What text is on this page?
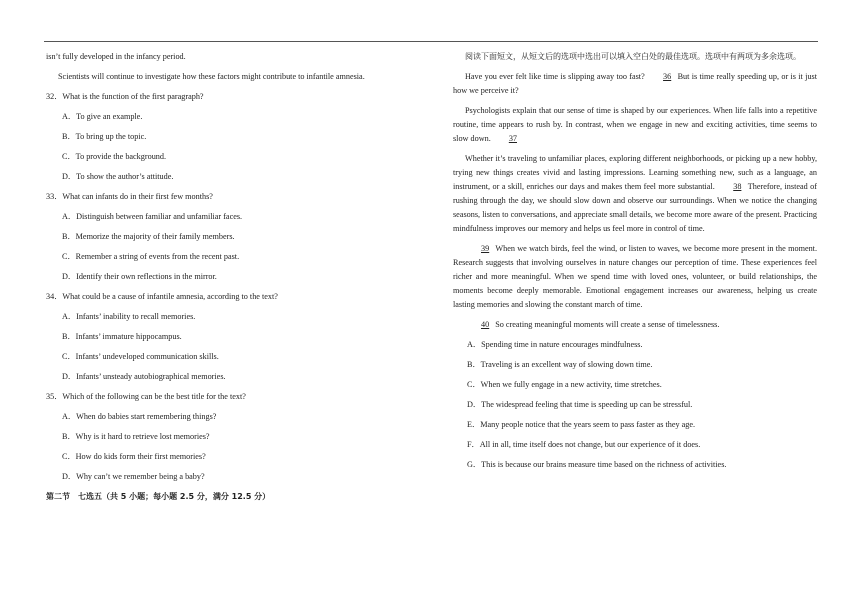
isn’t fully developed in the infancy period.

Scientists will continue to investigate how these factors might contribute to infantile amnesia.

32．What is the function of the first paragraph?

A．To give an example.

B．To bring up the topic.

C．To provide the background.

D．To show the author’s attitude.

33．What can infants do in their first few months?

A．Distinguish between familiar and unfamiliar faces.

B．Memorize the majority of their family members.

C．Remember a string of events from the recent past.

D．Identify their own reflections in the mirror.

34．What could be a cause of infantile amnesia, according to the text?

A．Infants’ inability to recall memories.

B．Infants’ immature hippocampus.

C．Infants’ undeveloped communication skills.

D．Infants’ unsteady autobiographical memories.

35．Which of the following can be the best title for the text?

A．When do babies start remembering things?

B．Why is it hard to retrieve lost memories?

C．How do kids form their first memories?

D．Why can’t we remember being a baby?

第二节　七选五（共 5 小题；每小题 2.5 分，满分 12.5 分）

阅读下面短文，从短文后的选项中选出可以填入空白处的最佳选项。选项中有两项为多余选项。

Have you ever felt like time is slipping away too fast? 36 But is time really speeding up, or is it just how we perceive it?

Psychologists explain that our sense of time is shaped by our experiences. When life falls into a repetitive routine, time appears to rush by. In contrast, when we engage in new and exciting activities, time seems to slow down. 37

Whether it’s traveling to unfamiliar places, exploring different neighborhoods, or picking up a new hobby, trying new things creates vivid and lasting impressions. Learning something new, such as a language, an instrument, or a skill, enriches our days and makes them feel more substantial. 38 Therefore, instead of rushing through the day, we should slow down and observe our surroundings. When we notice the changing seasons, listen to conversations, and appreciate small details, we become more aware of the present. Practicing mindfulness improves our memory and helps us feel more in control of time.

39 When we watch birds, feel the wind, or listen to waves, we become more present in the moment. Research suggests that involving ourselves in nature changes our perception of time. These experiences feel richer and more meaningful. When we spend time with loved ones, volunteer, or build relationships, the moments become deeply memorable. Emotional engagement increases our awareness, helping us create lasting memories and slowing the constant march of time.

40 So creating meaningful moments will create a sense of timelessness.

A．Spending time in nature encourages mindfulness.

B．Traveling is an excellent way of slowing down time.

C．When we fully engage in a new activity, time stretches.

D．The widespread feeling that time is speeding up can be stressful.

E．Many people notice that the years seem to pass faster as they age.

F．All in all, time itself does not change, but our experience of it does.

G．This is because our brains measure time based on the richness of activities.
